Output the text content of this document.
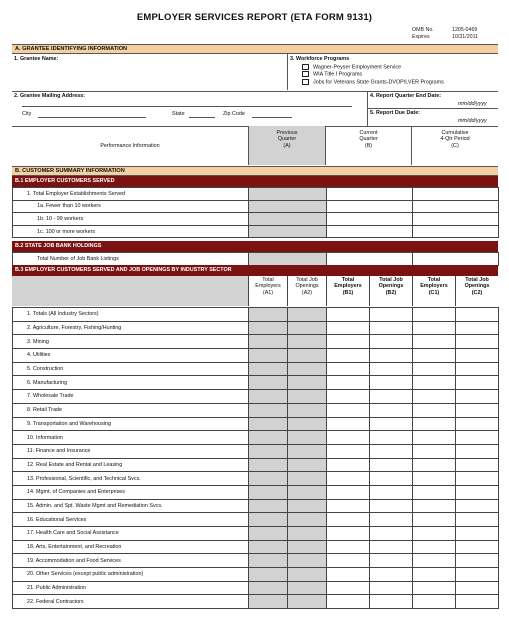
EMPLOYER SERVICES REPORT (ETA FORM 9131)
OMB No.	1205-0469
Expires	10/31/2011
A. GRANTEE IDENTIFYING INFORMATION
1. Grantee Name:	3. Workforce Programs
Wagner-Peyser Employment Service
WIA Title I Programs
Jobs for Veterans State Grants-DVOP/LVER Programs
2. Grantee Mailing Address:	4. Report Quarter End Date:
mm/dd/yyyy
5. Report Due Date:
mm/dd/yyyy
City	State	Zip Code
Performance Information
Previous
Quarter
(A)
Current
Quarter
(B)
Cumulative
4-Qtr Period
(C)
B. CUSTOMER SUMMARY INFORMATION
B.1 EMPLOYER CUSTOMERS SERVED
1. Total Employer Establishments Served			
1a. Fewer than 10 workers			
1b. 10 - 99 workers			
1c. 100 or more workers			
B.2 STATE JOB BANK HOLDINGS
Total Number of Job Bank Listings			
B.3 EMPLOYER CUSTOMERS SERVED AND JOB OPENINGS BY INDUSTRY SECTOR
Total
Employers
(A1)
Total Job
Openings
(A2)
Total
Employers
(B1)
Total Job
Openings
(B2)
Total
Employers
(C1)
Total Job
Openings
(C2)
1. Totals (All Industry Sectors)						
2. Agriculture, Forestry, Fishing/Hunting						
3. Mining						
4. Utilities						
5. Construction						
6. Manufacturing						
7. Wholesale Trade						
8. Retail Trade						
9. Transportation and Warehousing						
10. Information						
11. Finance and Insurance						
12. Real Estate and Rental and Leasing						
13. Professional, Scientific, and Technical Svcs.						
14. Mgmt. of Companies and Enterprises						
15. Admin. and Spt. Waste Mgmt and Remediation Svcs.						
16. Educational Services						
17. Health Care and Social Assistance						
18. Arts, Entertainment, and Recreation						
19. Accommodation and Food Services						
20. Other Services (except public administration)						
21. Public Administration						
22. Federal Contractors						
